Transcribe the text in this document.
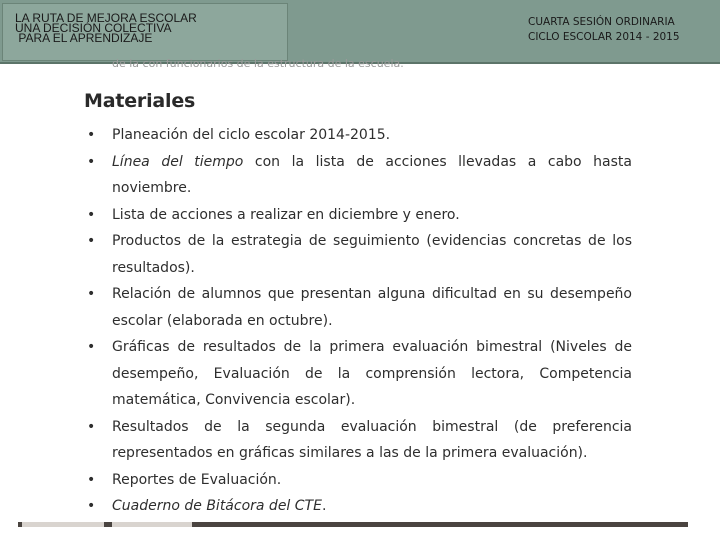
LA RUTA DE MEJORA ESCOLAR
UNA DECISIÓN COLECTIVA
PARA EL APRENDIZAJE
CUARTA SESIÓN ORDINARIA
CICLO ESCOLAR 2014 - 2015
de la con funcionarios de la estructura de la escuela.
Materiales
• Planeación del ciclo escolar 2014-2015.
• Línea del tiempo con la lista de acciones llevadas a cabo hasta noviembre.
• Lista de acciones a realizar en diciembre y enero.
• Productos de la estrategia de seguimiento (evidencias concretas de los resultados).
• Relación de alumnos que presentan alguna dificultad en su desempeño escolar (elaborada en octubre).
• Gráficas de resultados de la primera evaluación bimestral (Niveles de desempeño, Evaluación de la comprensión lectora, Competencia matemática, Convivencia escolar).
• Resultados de la segunda evaluación bimestral (de preferencia representados en gráficas similares a las de la primera evaluación).
• Reportes de Evaluación.
• Cuaderno de Bitácora del CTE.
